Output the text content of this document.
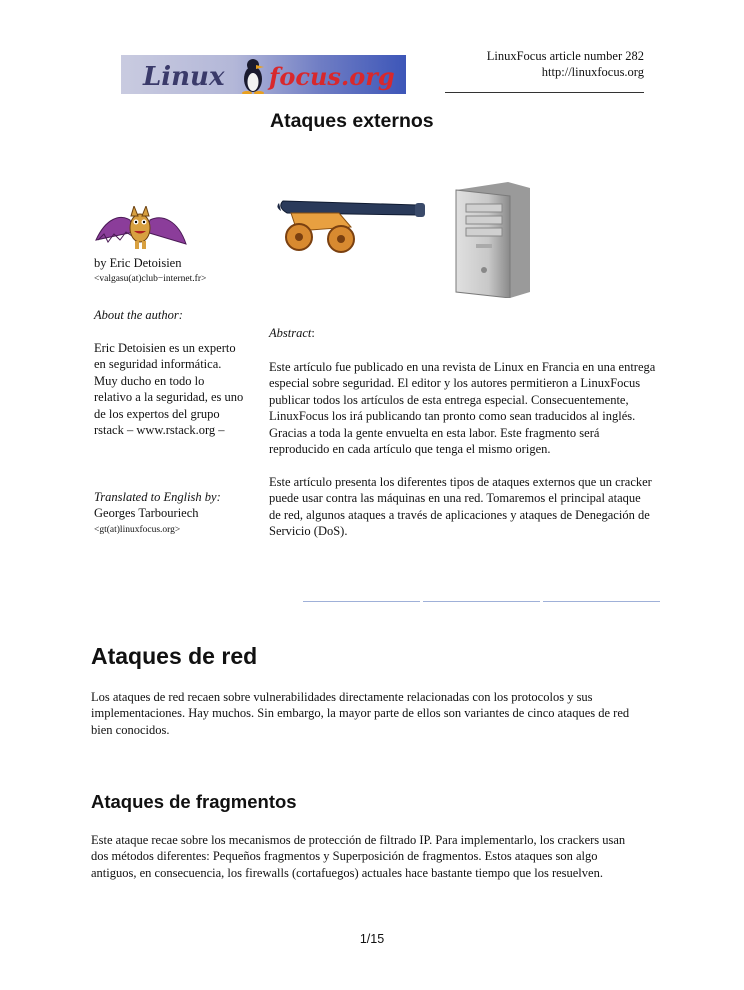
Linux focus.org
LinuxFocus article number 282
http://linuxfocus.org
Ataques externos
by Eric Detoisien
<valgasu(at)club−internet.fr>
About the author:
Eric Detoisien es un experto
en seguridad informática.
Muy ducho en todo lo
relativo a la seguridad, es uno
de los expertos del grupo
rstack – www.rstack.org –
Translated to English by:
Georges Tarbouriech
<gt(at)linuxfocus.org>
Abstract:

Este artículo fue publicado en una revista de Linux en Francia en una entrega
especial sobre seguridad. El editor y los autores permitieron a LinuxFocus
publicar todos los artículos de esta entrega especial. Consecuentemente,
LinuxFocus los irá publicando tan pronto como sean traducidos al inglés.
Gracias a toda la gente envuelta en esta labor. Este fragmento será
reproducido en cada artículo que tenga el mismo origen.

Este artículo presenta los diferentes tipos de ataques externos que un cracker
puede usar contra las máquinas en una red. Tomaremos el principal ataque
de red, algunos ataques a través de aplicaciones y ataques de Denegación de
Servicio (DoS).

Ataques de red
Los ataques de red recaen sobre vulnerabilidades directamente relacionadas con los protocolos y sus
implementaciones. Hay muchos. Sin embargo, la mayor parte de ellos son variantes de cinco ataques de red
bien conocidos.
Ataques de fragmentos
Este ataque recae sobre los mecanismos de protección de filtrado IP. Para implementarlo, los crackers usan
dos métodos diferentes: Pequeños fragmentos y Superposición de fragmentos. Estos ataques son algo
antiguos, en consecuencia, los firewalls (cortafuegos) actuales hace bastante tiempo que los resuelven.
1/15
